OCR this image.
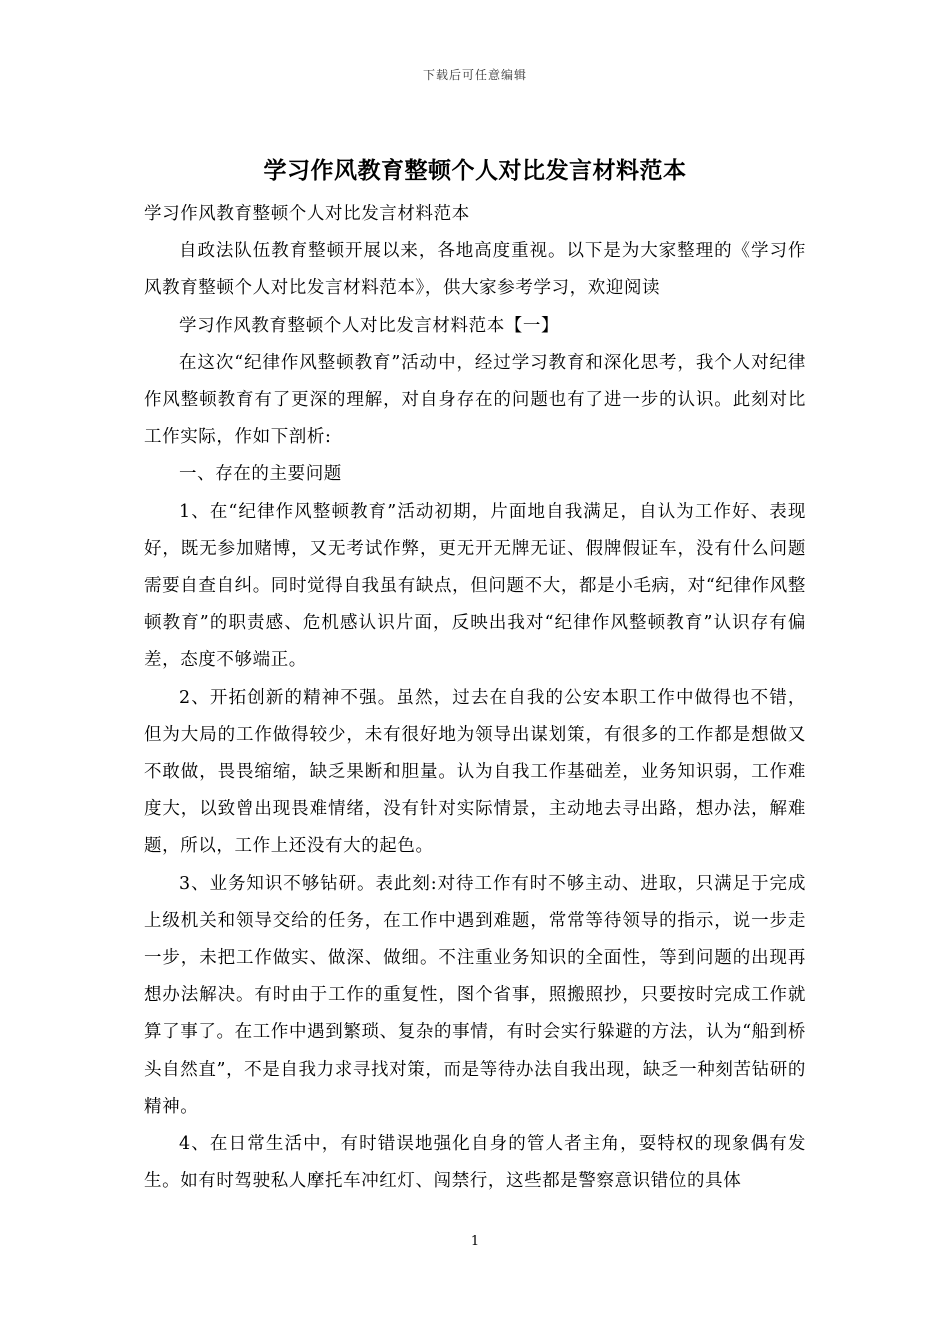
下载后可任意编辑
学习作风教育整顿个人对比发言材料范本

学习作风教育整顿个人对比发言材料范本

自政法队伍教育整顿开展以来，各地高度重视。以下是为大家整理的《学习作风教育整顿个人对比发言材料范本》，供大家参考学习，欢迎阅读

学习作风教育整顿个人对比发言材料范本【一】

在这次“纪律作风整顿教育”活动中，经过学习教育和深化思考，我个人对纪律作风整顿教育有了更深的理解，对自身存在的问题也有了进一步的认识。此刻对比工作实际，作如下剖析:

一、存在的主要问题

1、在“纪律作风整顿教育”活动初期，片面地自我满足，自认为工作好、表现好，既无参加赌博，又无考试作弊，更无开无牌无证、假牌假证车，没有什么问题需要自查自纠。同时觉得自我虽有缺点，但问题不大，都是小毛病，对“纪律作风整顿教育”的职责感、危机感认识片面，反映出我对“纪律作风整顿教育”认识存有偏差，态度不够端正。

2、开拓创新的精神不强。虽然，过去在自我的公安本职工作中做得也不错，但为大局的工作做得较少，未有很好地为领导出谋划策，有很多的工作都是想做又不敢做，畏畏缩缩，缺乏果断和胆量。认为自我工作基础差，业务知识弱，工作难度大，以致曾出现畏难情绪，没有针对实际情景，主动地去寻出路，想办法，解难题，所以，工作上还没有大的起色。

3、业务知识不够钻研。表此刻:对待工作有时不够主动、进取，只满足于完成上级机关和领导交给的任务，在工作中遇到难题，常常等待领导的指示，说一步走一步，未把工作做实、做深、做细。不注重业务知识的全面性，等到问题的出现再想办法解决。有时由于工作的重复性，图个省事，照搬照抄，只要按时完成工作就算了事了。在工作中遇到繁琐、复杂的事情，有时会实行躲避的方法，认为“船到桥头自然直”，不是自我力求寻找对策，而是等待办法自我出现，缺乏一种刻苦钻研的精神。

4、在日常生活中，有时错误地强化自身的管人者主角，耍特权的现象偶有发生。如有时驾驶私人摩托车冲红灯、闯禁行，这些都是警察意识错位的具体

1
